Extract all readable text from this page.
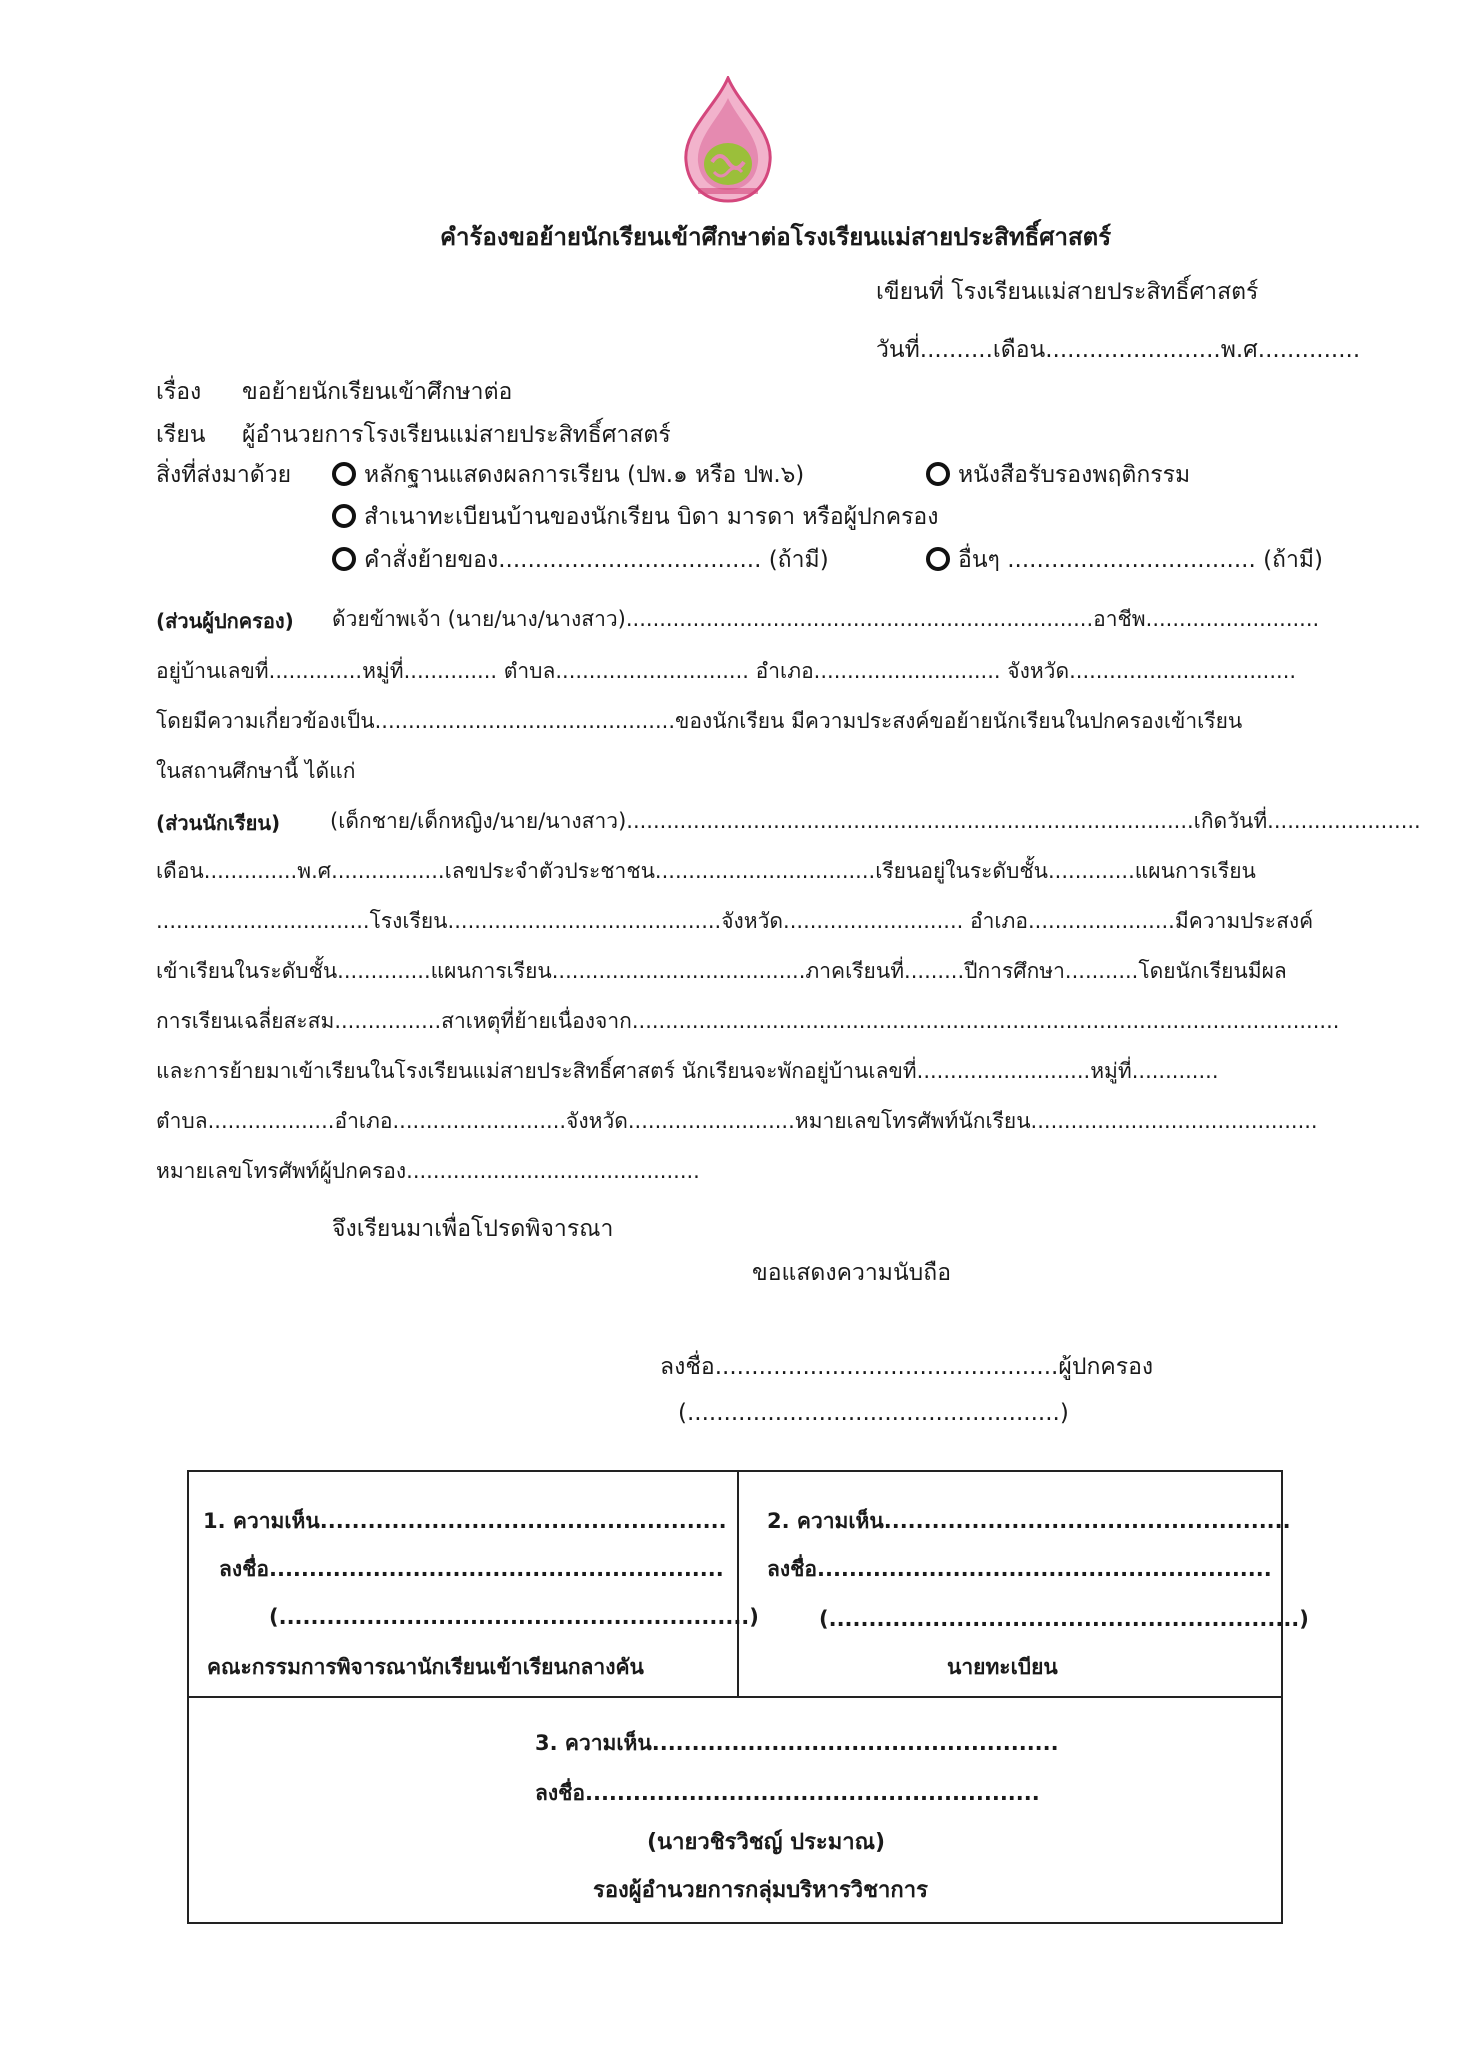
คำร้องขอย้ายนักเรียนเข้าศึกษาต่อโรงเรียนแม่สายประสิทธิ์ศาสตร์
เขียนที่ โรงเรียนแม่สายประสิทธิ์ศาสตร์
วันที่..........เดือน........................พ.ศ..............
เรื่อง ขอย้ายนักเรียนเข้าศึกษาต่อ
เรียน ผู้อำนวยการโรงเรียนแม่สายประสิทธิ์ศาสตร์
สิ่งที่ส่งมาด้วย	หลักฐานแสดงผลการเรียน (ปพ.๑ หรือ ปพ.๖)	หนังสือรับรองพฤติกรรม
สำเนาทะเบียนบ้านของนักเรียน บิดา มารดา หรือผู้ปกครอง
คำสั่งย้ายของ.................................... (ถ้ามี)	อื่นๆ .................................. (ถ้ามี)
(ส่วนผู้ปกครอง) ด้วยข้าพเจ้า (นาย/นาง/นางสาว)......................................................................อาชีพ..........................
อยู่บ้านเลขที่..............หมู่ที่.............. ตำบล............................. อำเภอ............................ จังหวัด..................................
โดยมีความเกี่ยวข้องเป็น.............................................ของนักเรียน มีความประสงค์ขอย้ายนักเรียนในปกครองเข้าเรียน
ในสถานศึกษานี้ ได้แก่
(ส่วนนักเรียน) (เด็กชาย/เด็กหญิง/นาย/นางสาว).....................................................................................เกิดวันที่.......................
เดือน..............พ.ศ.................เลขประจำตัวประชาชน.................................เรียนอยู่ในระดับชั้น.............แผนการเรียน
................................โรงเรียน.........................................จังหวัด........................... อำเภอ......................มีความประสงค์
เข้าเรียนในระดับชั้น..............แผนการเรียน......................................ภาคเรียนที่.........ปีการศึกษา...........โดยนักเรียนมีผล
การเรียนเฉลี่ยสะสม................สาเหตุที่ย้ายเนื่องจาก..........................................................................................................
และการย้ายมาเข้าเรียนในโรงเรียนแม่สายประสิทธิ์ศาสตร์ นักเรียนจะพักอยู่บ้านเลขที่..........................หมู่ที่.............
ตำบล...................อำเภอ..........................จังหวัด.........................หมายเลขโทรศัพท์นักเรียน...........................................
หมายเลขโทรศัพท์ผู้ปกครอง............................................
จึงเรียนมาเพื่อโปรดพิจารณา
ขอแสดงความนับถือ
ลงชื่อ...............................................ผู้ปกครอง
(...................................................)
1. ความเห็น...................................................
ลงชื่อ.........................................................
(...........................................................)
คณะกรรมการพิจารณานักเรียนเข้าเรียนกลางคัน
2. ความเห็น...................................................
ลงชื่อ.........................................................
(...........................................................)
นายทะเบียน
3. ความเห็น...................................................
ลงชื่อ.........................................................
(นายวชิรวิชญ์ ประมาณ)
รองผู้อำนวยการกลุ่มบริหารวิชาการ
